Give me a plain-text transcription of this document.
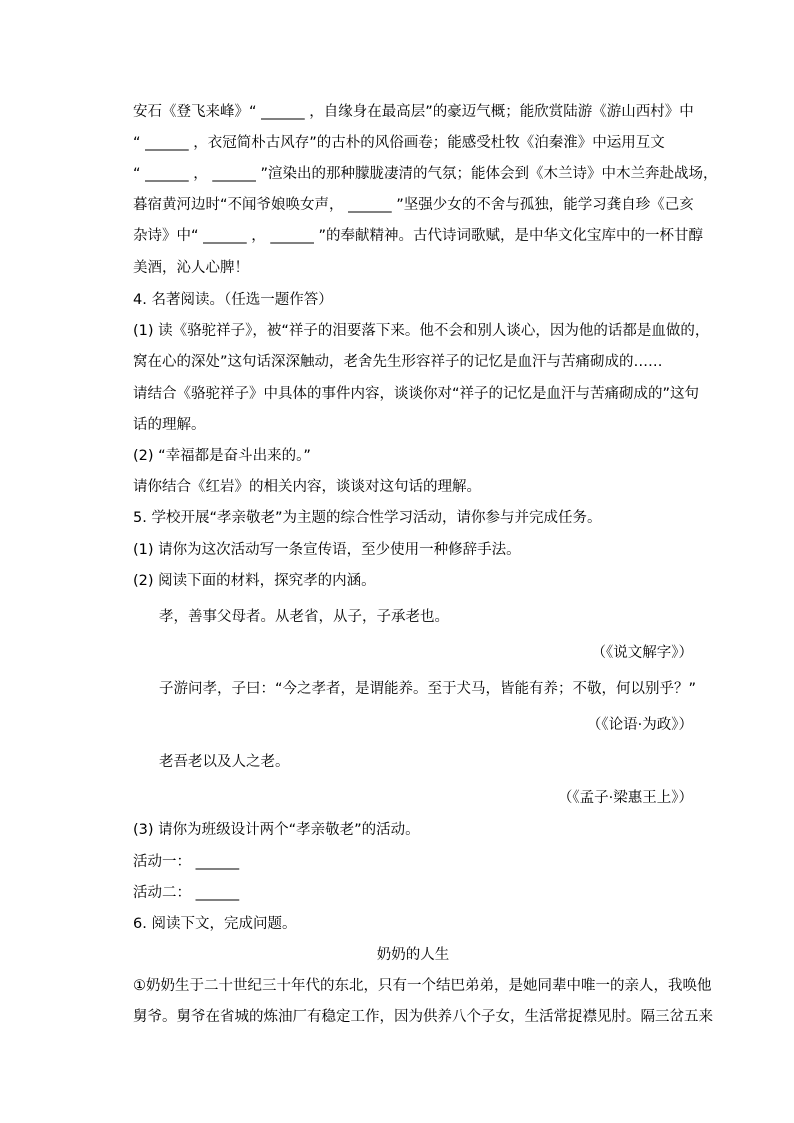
安石《登飞来峰》“ ______ ，自缘身在最高层”的豪迈气概；能欣赏陆游《游山西村》中
“ ______ ，衣冠简朴古风存”的古朴的风俗画卷；能感受杜牧《泊秦淮》中运用互文
“ ______ ， ______ ”渲染出的那种朦胧凄清的气氛；能体会到《木兰诗》中木兰奔赴战场，
暮宿黄河边时“不闻爷娘唤女声， ______ ”坚强少女的不舍与孤独，能学习龚自珍《己亥
杂诗》中“ ______ ， ______ ”的奉献精神。古代诗词歌赋，是中华文化宝库中的一杯甘醇
美酒，沁人心脾！
4. 名著阅读。（任选一题作答）
(1) 读《骆驼祥子》，被“祥子的泪要落下来。他不会和别人谈心，因为他的话都是血做的，
窝在心的深处”这句话深深触动，老舍先生形容祥子的记忆是血汗与苦痛砌成的……
请结合《骆驼祥子》中具体的事件内容，谈谈你对“祥子的记忆是血汗与苦痛砌成的”这句
话的理解。
(2) “幸福都是奋斗出来的。”
请你结合《红岩》的相关内容，谈谈对这句话的理解。
5. 学校开展“孝亲敬老”为主题的综合性学习活动，请你参与并完成任务。
(1) 请你为这次活动写一条宣传语，至少使用一种修辞手法。
(2) 阅读下面的材料，探究孝的内涵。
孝，善事父母者。从老省，从子，子承老也。
（《说文解字》）
子游问孝，子曰：“今之孝者，是谓能养。至于犬马，皆能有养；不敬，何以别乎？”
（《论语·为政》）
老吾老以及人之老。
（《孟子·梁惠王上》）
(3) 请你为班级设计两个“孝亲敬老”的活动。
活动一： ______
活动二： ______
6. 阅读下文，完成问题。
奶奶的人生
①奶奶生于二十世纪三十年代的东北，只有一个结巴弟弟，是她同辈中唯一的亲人，我唤他
舅爷。舅爷在省城的炼油厂有稳定工作，因为供养八个子女，生活常捉襟见肘。隔三岔五来
